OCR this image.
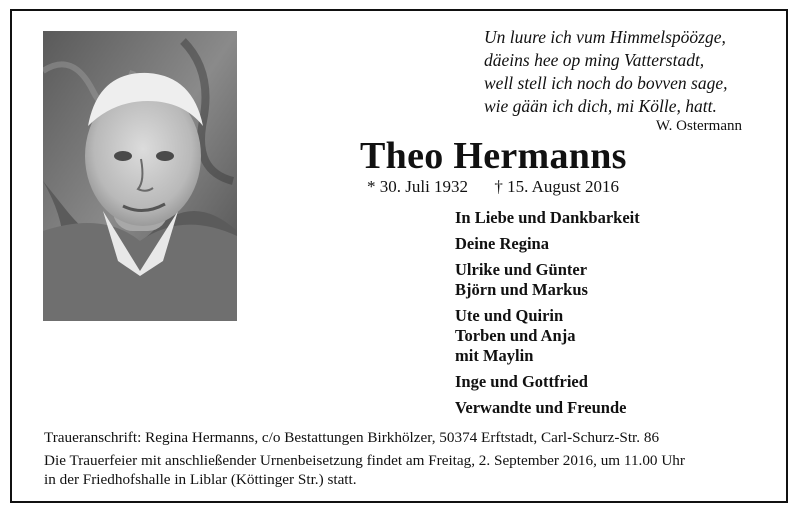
Un luure ich vum Himmelspöözge,
däeins hee op ming Vatterstadt,
well stell ich noch do bovven sage,
wie gään ich dich, mi Kölle, hatt.
W. Ostermann
Theo Hermanns
* 30. Juli 1932 † 15. August 2016
In Liebe und Dankbarkeit
Deine Regina
Ulrike und Günter
Björn und Markus
Ute und Quirin
Torben und Anja
mit Maylin
Inge und Gottfried
Verwandte und Freunde
Traueranschrift: Regina Hermanns, c/o Bestattungen Birkhölzer, 50374 Erftstadt, Carl-Schurz-Str. 86
Die Trauerfeier mit anschließender Urnenbeisetzung findet am Freitag, 2. September 2016, um 11.00 Uhr
in der Friedhofshalle in Liblar (Köttinger Str.) statt.
